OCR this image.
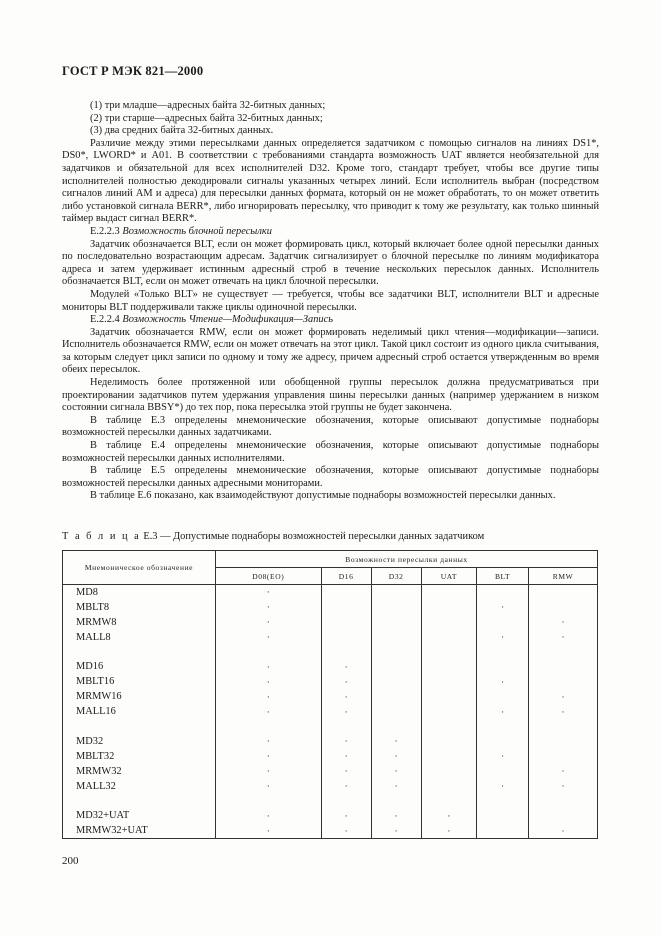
ГОСТ Р МЭК 821—2000

(1) три младше—адресных байта 32-битных данных;

(2) три старше—адресных байта 32-битных данных;

(3) два средних байта 32-битных данных.

Различие между этими пересылками данных определяется задатчиком с помощью сигналов на линиях DS1*, DS0*, LWORD* и A01. В соответствии с требованиями стандарта возможность UAT является необязательной для задатчиков и обязательной для всех исполнителей D32. Кроме того, стандарт требует, чтобы все другие типы исполнителей полностью декодировали сигналы указанных четырех линий. Если исполнитель выбран (посредством сигналов линий AM и адреса) для пересылки данных формата, который он не может обработать, то он может ответить либо установкой сигнала BERR*, либо игнорировать пересылку, что приводит к тому же результату, как только шинный таймер выдаст сигнал BERR*.

Е.2.2.3 Возможность блочной пересылки

Задатчик обозначается BLT, если он может формировать цикл, который включает более одной пересылки данных по последовательно возрастающим адресам. Задатчик сигнализирует о блочной пересылке по линиям модификатора адреса и затем удерживает истинным адресный строб в течение нескольких пересылок данных. Исполнитель обозначается BLT, если он может отвечать на цикл блочной пересылки.

Модулей «Только BLT» не существует — требуется, чтобы все задатчики BLT, исполнители BLT и адресные мониторы BLT поддерживали также циклы одиночной пересылки.

Е.2.2.4 Возможность Чтение—Модификация—Запись

Задатчик обозначается RMW, если он может формировать неделимый цикл чтения—модификации—записи. Исполнитель обозначается RMW, если он может отвечать на этот цикл. Такой цикл состоит из одного цикла считывания, за которым следует цикл записи по одному и тому же адресу, причем адресный строб остается утвержденным во время обеих пересылок.

Неделимость более протяженной или обобщенной группы пересылок должна предусматриваться при проектировании задатчиков путем удержания управления шины пересылки данных (например удержанием в низком состоянии сигнала BBSY*) до тех пор, пока пересылка этой группы не будет закончена.

В таблице Е.3 определены мнемонические обозначения, которые описывают допустимые поднаборы возможностей пересылки данных задатчиками.

В таблице Е.4 определены мнемонические обозначения, которые описывают допустимые поднаборы возможностей пересылки данных исполнителями.

В таблице Е.5 определены мнемонические обозначения, которые описывают допустимые поднаборы возможностей пересылки данных адресными мониторами.

В таблице Е.6 показано, как взаимодействуют допустимые поднаборы возможностей пересылки данных.

Т а б л и ц а Е.3 — Допустимые поднаборы возможностей пересылки данных задатчиком
Мнемоническое обозначение	Возможности пересылки данных					
	D08(EO)	D16	D32	UAT	BLT	RMW
MD8	·					
MBLT8	·				·	
MRMW8	·					·
MALL8	·				·	·

MD16	·	·				
MBLT16	·	·			·	
MRMW16	·	·				·
MALL16	·	·			·	·

MD32	·	·	·			
MBLT32	·	·	·		·	
MRMW32	·	·	·			·
MALL32	·	·	·		·	·

MD32+UAT	·	·	·	·		
MRMW32+UAT	·	·	·	·		·
200
